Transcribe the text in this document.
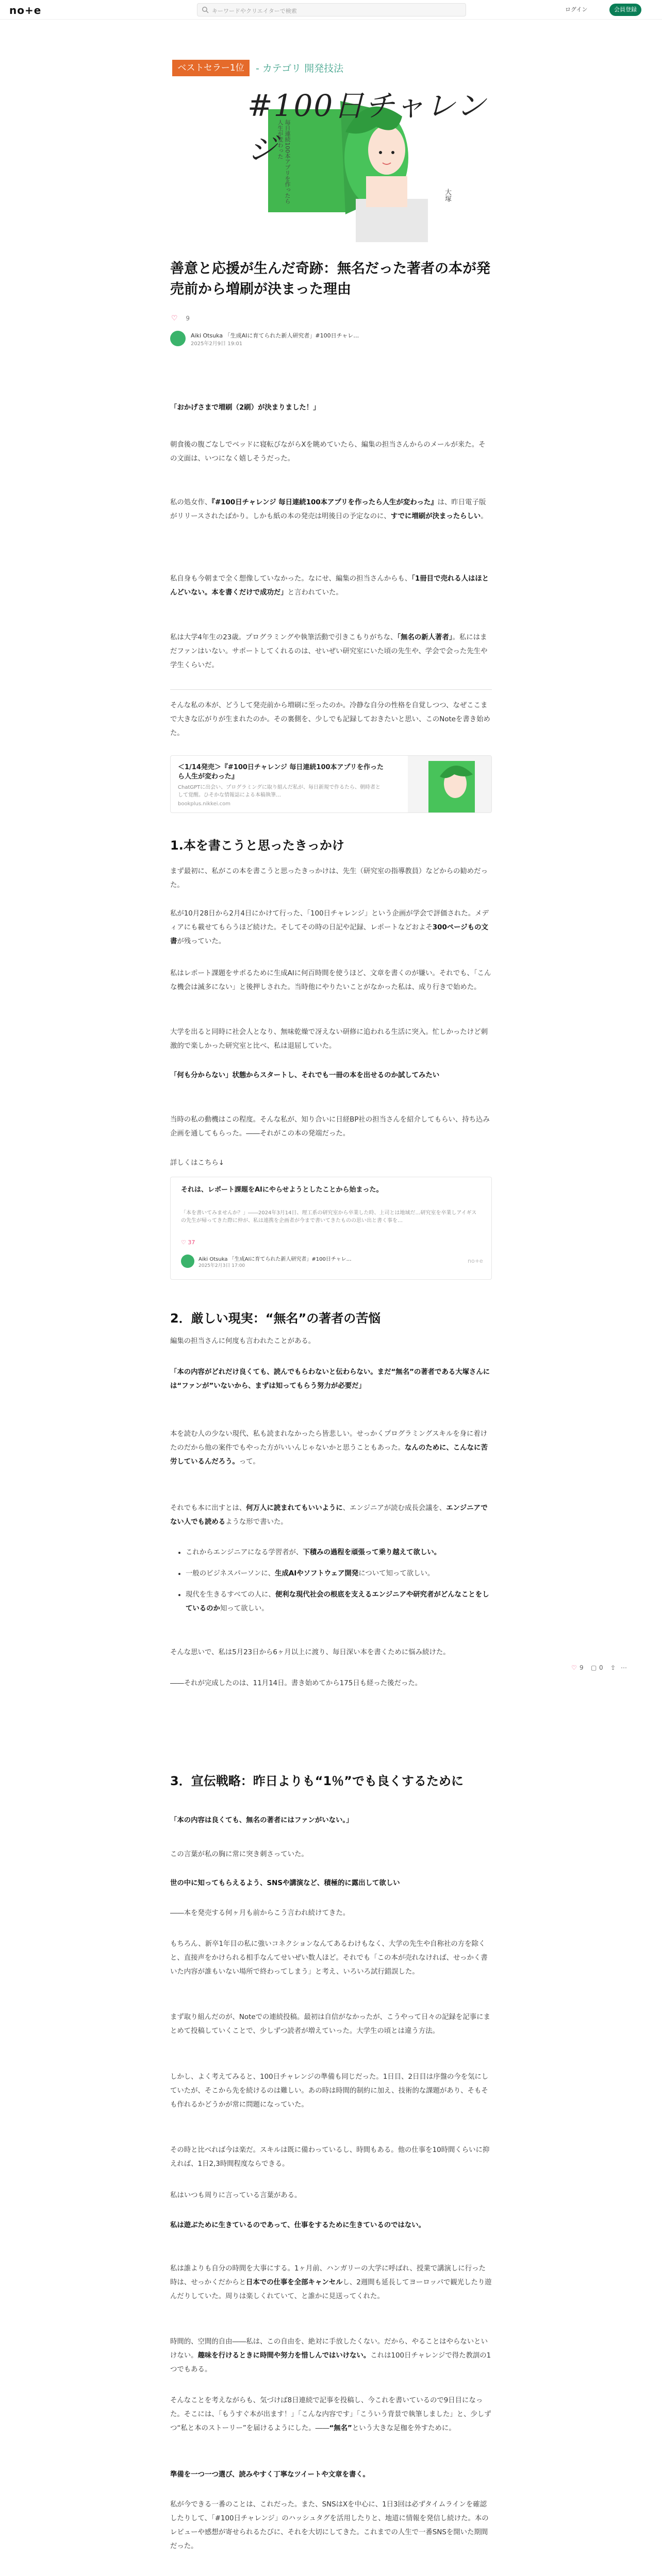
no+e	キーワードやクリエイターで検索	ログイン	会員登録
ベストセラー1位	- カテゴリ 開発技法
#100日チャレンジ 毎日連続100本アプリを作ったら人生が変わった
大塚
善意と応援が生んだ奇跡：無名だった著者の本が発売前から増刷が決まった理由
♡ 9
Aiki Otsuka 「生成AIに育てられた新人研究者」#100日チャレ…
2025年2月9日 19:01
「おかげさまで増刷（2刷）が決まりました！」
朝食後の腹ごなしでベッドに寝転びながらXを眺めていたら、編集の担当さんからのメールが来た。その文面は、いつになく嬉しそうだった。
私の処女作、『#100日チャレンジ 毎日連続100本アプリを作ったら人生が変わった』は、昨日電子版がリリースされたばかり。しかも紙の本の発売は明後日の予定なのに、すでに増刷が決まったらしい。
私自身も今朝まで全く想像していなかった。なにせ、編集の担当さんからも、「1冊目で売れる人はほとんどいない。本を書くだけで成功だ」と言われていた。
私は大学4年生の23歳。プログラミングや執筆活動で引きこもりがちな、「無名の新人著者」。私にはまだファンはいない。サポートしてくれるのは、せいぜい研究室にいた頃の先生や、学会で会った先生や学生くらいだ。
そんな私の本が、どうして発売前から増刷に至ったのか。冷静な自分の性格を自覚しつつ、なぜここまで大きな広がりが生まれたのか。その裏側を、少しでも記録しておきたいと思い、このNoteを書き始めた。
＜1/14発売＞『#100日チャレンジ 毎日連続100本アプリを作ったら人生が変わった』
ChatGPTに出会い、プログラミングに取り組んだ私が、毎日新規で作るたら、朝時者として覚醒。ひそかな情報誌による本稿執筆…
bookplus.nikkei.com
1.本を書こうと思ったきっかけ
まず最初に、私がこの本を書こうと思ったきっかけは、先生（研究室の指導教員）などからの勧めだった。
私が10月28日から2月4日にかけて行った、「100日チャレンジ」という企画が学会で評価された。メディアにも載せてもらうほど続けた。そしてその時の日記や記録、レポートなどおよそ300ページもの文書が残っていた。
私はレポート課題をサポるために生成AIに何百時間を使うほど、文章を書くのが嫌い。それでも、「こんな機会は滅多にない」と後押しされた。当時他にやりたいことがなかった私は、成り行きで始めた。
大学を出ると同時に社会人となり、無味乾燥で冴えない研修に追われる生活に突入。忙しかったけど刺激的で楽しかった研究室と比べ、私は退屈していた。
「何も分からない」状態からスタートし、それでも一冊の本を出せるのか試してみたい
当時の私の動機はこの程度。そんな私が、知り合いに日経BP社の担当さんを紹介してもらい、持ち込み企画を通してもらった。――それがこの本の発端だった。
詳しくはこちら↓
それは、レポート課題をAIにやらせようとしたことから始まった。
「本を書いてみませんか？」――2024年3月14日、理工系の研究室から卒業した時、上司とは地域だ…研究室を卒業しアイギスの先生が帰ってきた際に仲が、私は連携を企画者が今まで書いてきたものの思い出と書く事を…
♡ 37
Aiki Otsuka 「生成AIに育てられた新人研究者」#100日チャレ…
2025年2月3日 17:00
no+e
2．厳しい現実：“無名”の著者の苦悩
編集の担当さんに何度も言われたことがある。
「本の内容がどれだけ良くても、読んでもらわないと伝わらない。まだ“無名”の著者である大塚さんには“ファンが”いないから、まずは知ってもらう努力が必要だ」
本を読む人の少ない現代、私も読まれなかったら皆悲しい。せっかくプログラミングスキルを身に着けたのだから他の案件でもやった方がいいんじゃないかと思うこともあった。なんのために、こんなに苦労しているんだろう。って。
それでも本に出すとは、何万人に読まれてもいいように、エンジニアが読む成長会議を、エンジニアでない人でも読めるような形で書いた。
• これからエンジニアになる学習者が、下積みの過程を頑張って乗り越えて欲しい。
• 一般のビジネスパーソンに、生成AIやソフトウェア開発について知って欲しい。
• 現代を生きるすべての人に、便利な現代社会の根底を支えるエンジニアや研究者がどんなことをしているのか知って欲しい。
そんな思いで、私は5月23日から6ヶ月以上に渡り、毎日深い本を書くために悩み続けた。
――それが完成したのは、11月14日。書き始めてから175日も経った後だった。
♡ 9 ▢ 0 ⇪ ⋯
3．宣伝戦略：昨日よりも“1％”でも良くするために
「本の内容は良くても、無名の著者にはファンがいない。」
この言葉が私の胸に常に突き刺さっていた。
世の中に知ってもらえるよう、SNSや講演など、積極的に露出して欲しい
――本を発売する何ヶ月も前からこう言われ続けてきた。
もちろん、新卒1年目の私に強いコネクションなんてあるわけもなく、大学の先生や自称社の方を除くと、直接声をかけられる相手なんてせいぜい数人ほど。それでも「この本が売れなければ、せっかく書いた内容が誰もいない場所で終わってしまう」と考え、いろいろ試行錯誤した。
まず取り組んだのが、Noteでの連続投稿。最初は自信がなかったが、こうやって日々の記録を記事にまとめて投稿していくことで、少しずつ読者が増えていった。大学生の頃とは違う方法。
しかし、よく考えてみると、100日チャレンジの準備も同じだった。1日目、2日目は序盤の今を気にしていたが、そこから先を続けるのは難しい。あの時は時間的制約に加え、技術的な課題があり、そもそも作れるかどうかが常に問題になっていた。
その時と比べれば今は楽だ。スキルは既に備わっているし、時間もある。他の仕事を10時間くらいに抑えれば、1日2,3時間程度ならできる。
私はいつも周りに言っている言葉がある。
私は遊ぶために生きているのであって、仕事をするために生きているのではない。
私は誰よりも自分の時間を大事にする。1ヶ月前、ハンガリーの大学に呼ばれ、授業で講演しに行った時は、せっかくだからと日本での仕事を全部キャンセルし、2週間も延長してヨーロッパで観光したり遊んだりしていた。周りは楽しくれていて、と誰かに見送ってくれた。
時間的、空間的自由――私は、この自由を、絶対に手放したくない。だから、やることはやらないといけない。趣味を行けるときに時間や努力を惜しんではいけない。これは100日チャレンジで得た教訓の1つでもある。
そんなことを考えながらも、気づけば8日連続で記事を投稿し、今これを書いているので9日目になった。そこには、「もうすぐ本が出ます！」「こんな内容です」「こういう背景で執筆しました」と、少しずつ“私と本のストーリー”を届けるようにした。――“無名”という大きな足枷を外すために。
準備を一つ一つ選び、読みやすく丁寧なツイートや文章を書く。
私が今できる一番のことは、これだった。また、SNSはXを中心に、1日3回は必ずタイムラインを確認したりして、「#100日チャレンジ」のハッシュタグを活用したりと、地道に情報を発信し続けた。本のレビューや感想が寄せられるたびに、それを大切にしてきた。これまでの人生で一番SNSを開いた期間だった。
